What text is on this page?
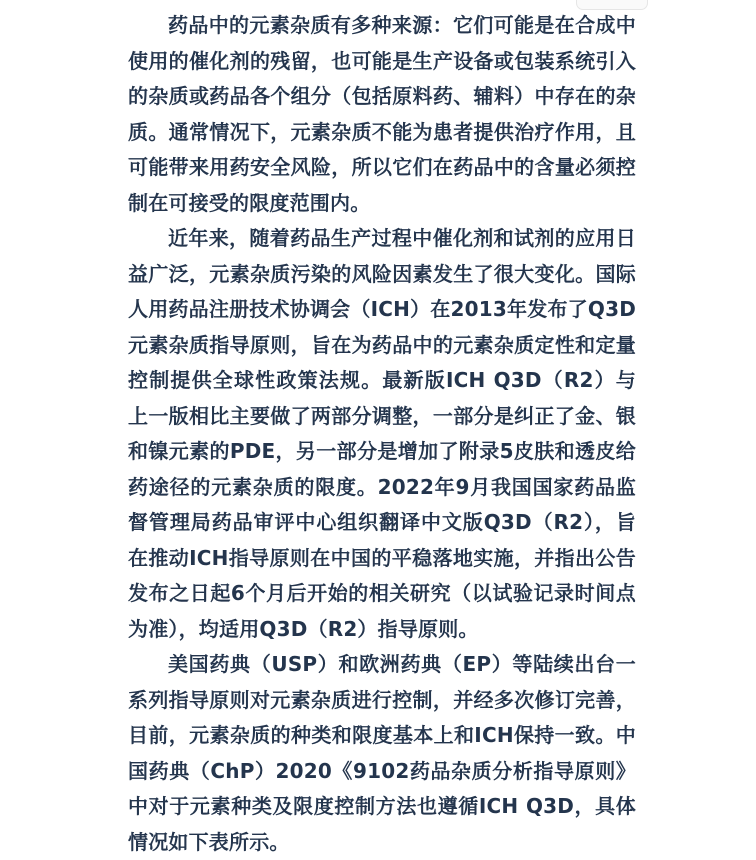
药品中的元素杂质有多种来源：它们可能是在合成中使用的催化剂的残留，也可能是生产设备或包装系统引入的杂质或药品各个组分（包括原料药、辅料）中存在的杂质。通常情况下，元素杂质不能为患者提供治疗作用，且可能带来用药安全风险，所以它们在药品中的含量必须控制在可接受的限度范围内。

近年来，随着药品生产过程中催化剂和试剂的应用日益广泛，元素杂质污染的风险因素发生了很大变化。国际人用药品注册技术协调会（ICH）在2013年发布了Q3D元素杂质指导原则，旨在为药品中的元素杂质定性和定量控制提供全球性政策法规。最新版ICH Q3D（R2）与上一版相比主要做了两部分调整，一部分是纠正了金、银和镍元素的PDE，另一部分是增加了附录5皮肤和透皮给药途径的元素杂质的限度。2022年9月我国国家药品监督管理局药品审评中心组织翻译中文版Q3D（R2），旨在推动ICH指导原则在中国的平稳落地实施，并指出公告发布之日起6个月后开始的相关研究（以试验记录时间点为准），均适用Q3D（R2）指导原则。

美国药典（USP）和欧洲药典（EP）等陆续出台一系列指导原则对元素杂质进行控制，并经多次修订完善，目前，元素杂质的种类和限度基本上和ICH保持一致。中国药典（ChP）2020《9102药品杂质分析指导原则》中对于元素种类及限度控制方法也遵循ICH Q3D，具体情况如下表所示。
